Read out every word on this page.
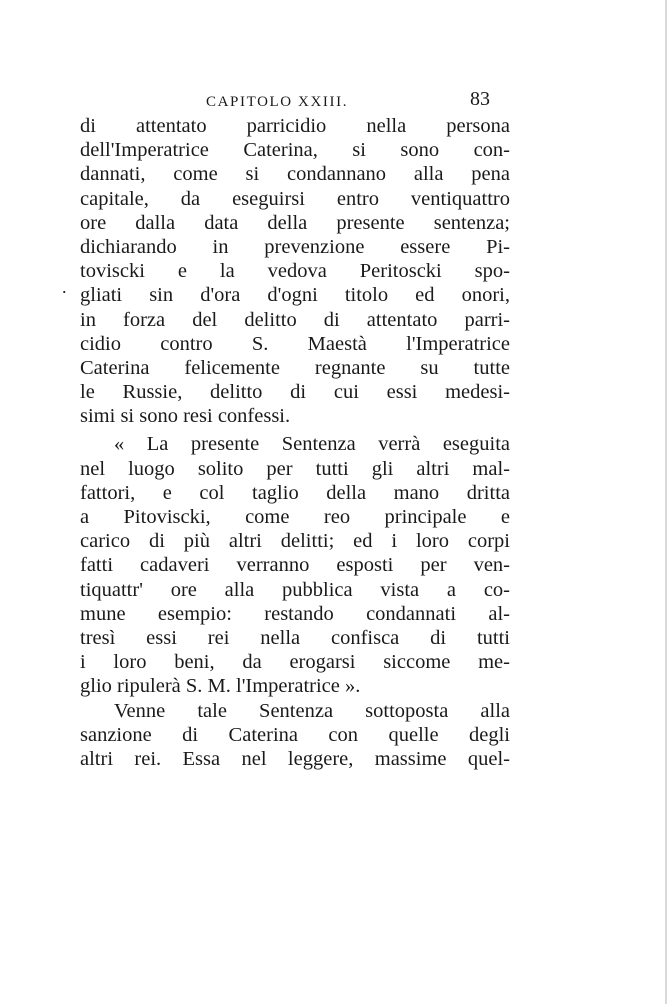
CAPITOLO XXIII.	83
.
di attentato parricidio nella persona
dell'Imperatrice Caterina, si sono con-
dannati, come si condannano alla pena
capitale, da eseguirsi entro ventiquattro
ore dalla data della presente sentenza;
dichiarando in prevenzione essere Pi-
toviscki e la vedova Peritoscki spo-
gliati sin d'ora d'ogni titolo ed onori,
in forza del delitto di attentato parri-
cidio contro S. Maestà l'Imperatrice
Caterina felicemente regnante su tutte
le Russie, delitto di cui essi medesi-
simi si sono resi confessi.
« La presente Sentenza verrà eseguita
nel luogo solito per tutti gli altri mal-
fattori, e col taglio della mano dritta
a Pitoviscki, come reo principale e
carico di più altri delitti; ed i loro corpi
fatti cadaveri verranno esposti per ven-
tiquattr' ore alla pubblica vista a co-
mune esempio: restando condannati al-
tresì essi rei nella confisca di tutti
i loro beni, da erogarsi siccome me-
glio ripulerà S. M. l'Imperatrice ».
Venne tale Sentenza sottoposta alla
sanzione di Caterina con quelle degli
altri rei. Essa nel leggere, massime quel-
